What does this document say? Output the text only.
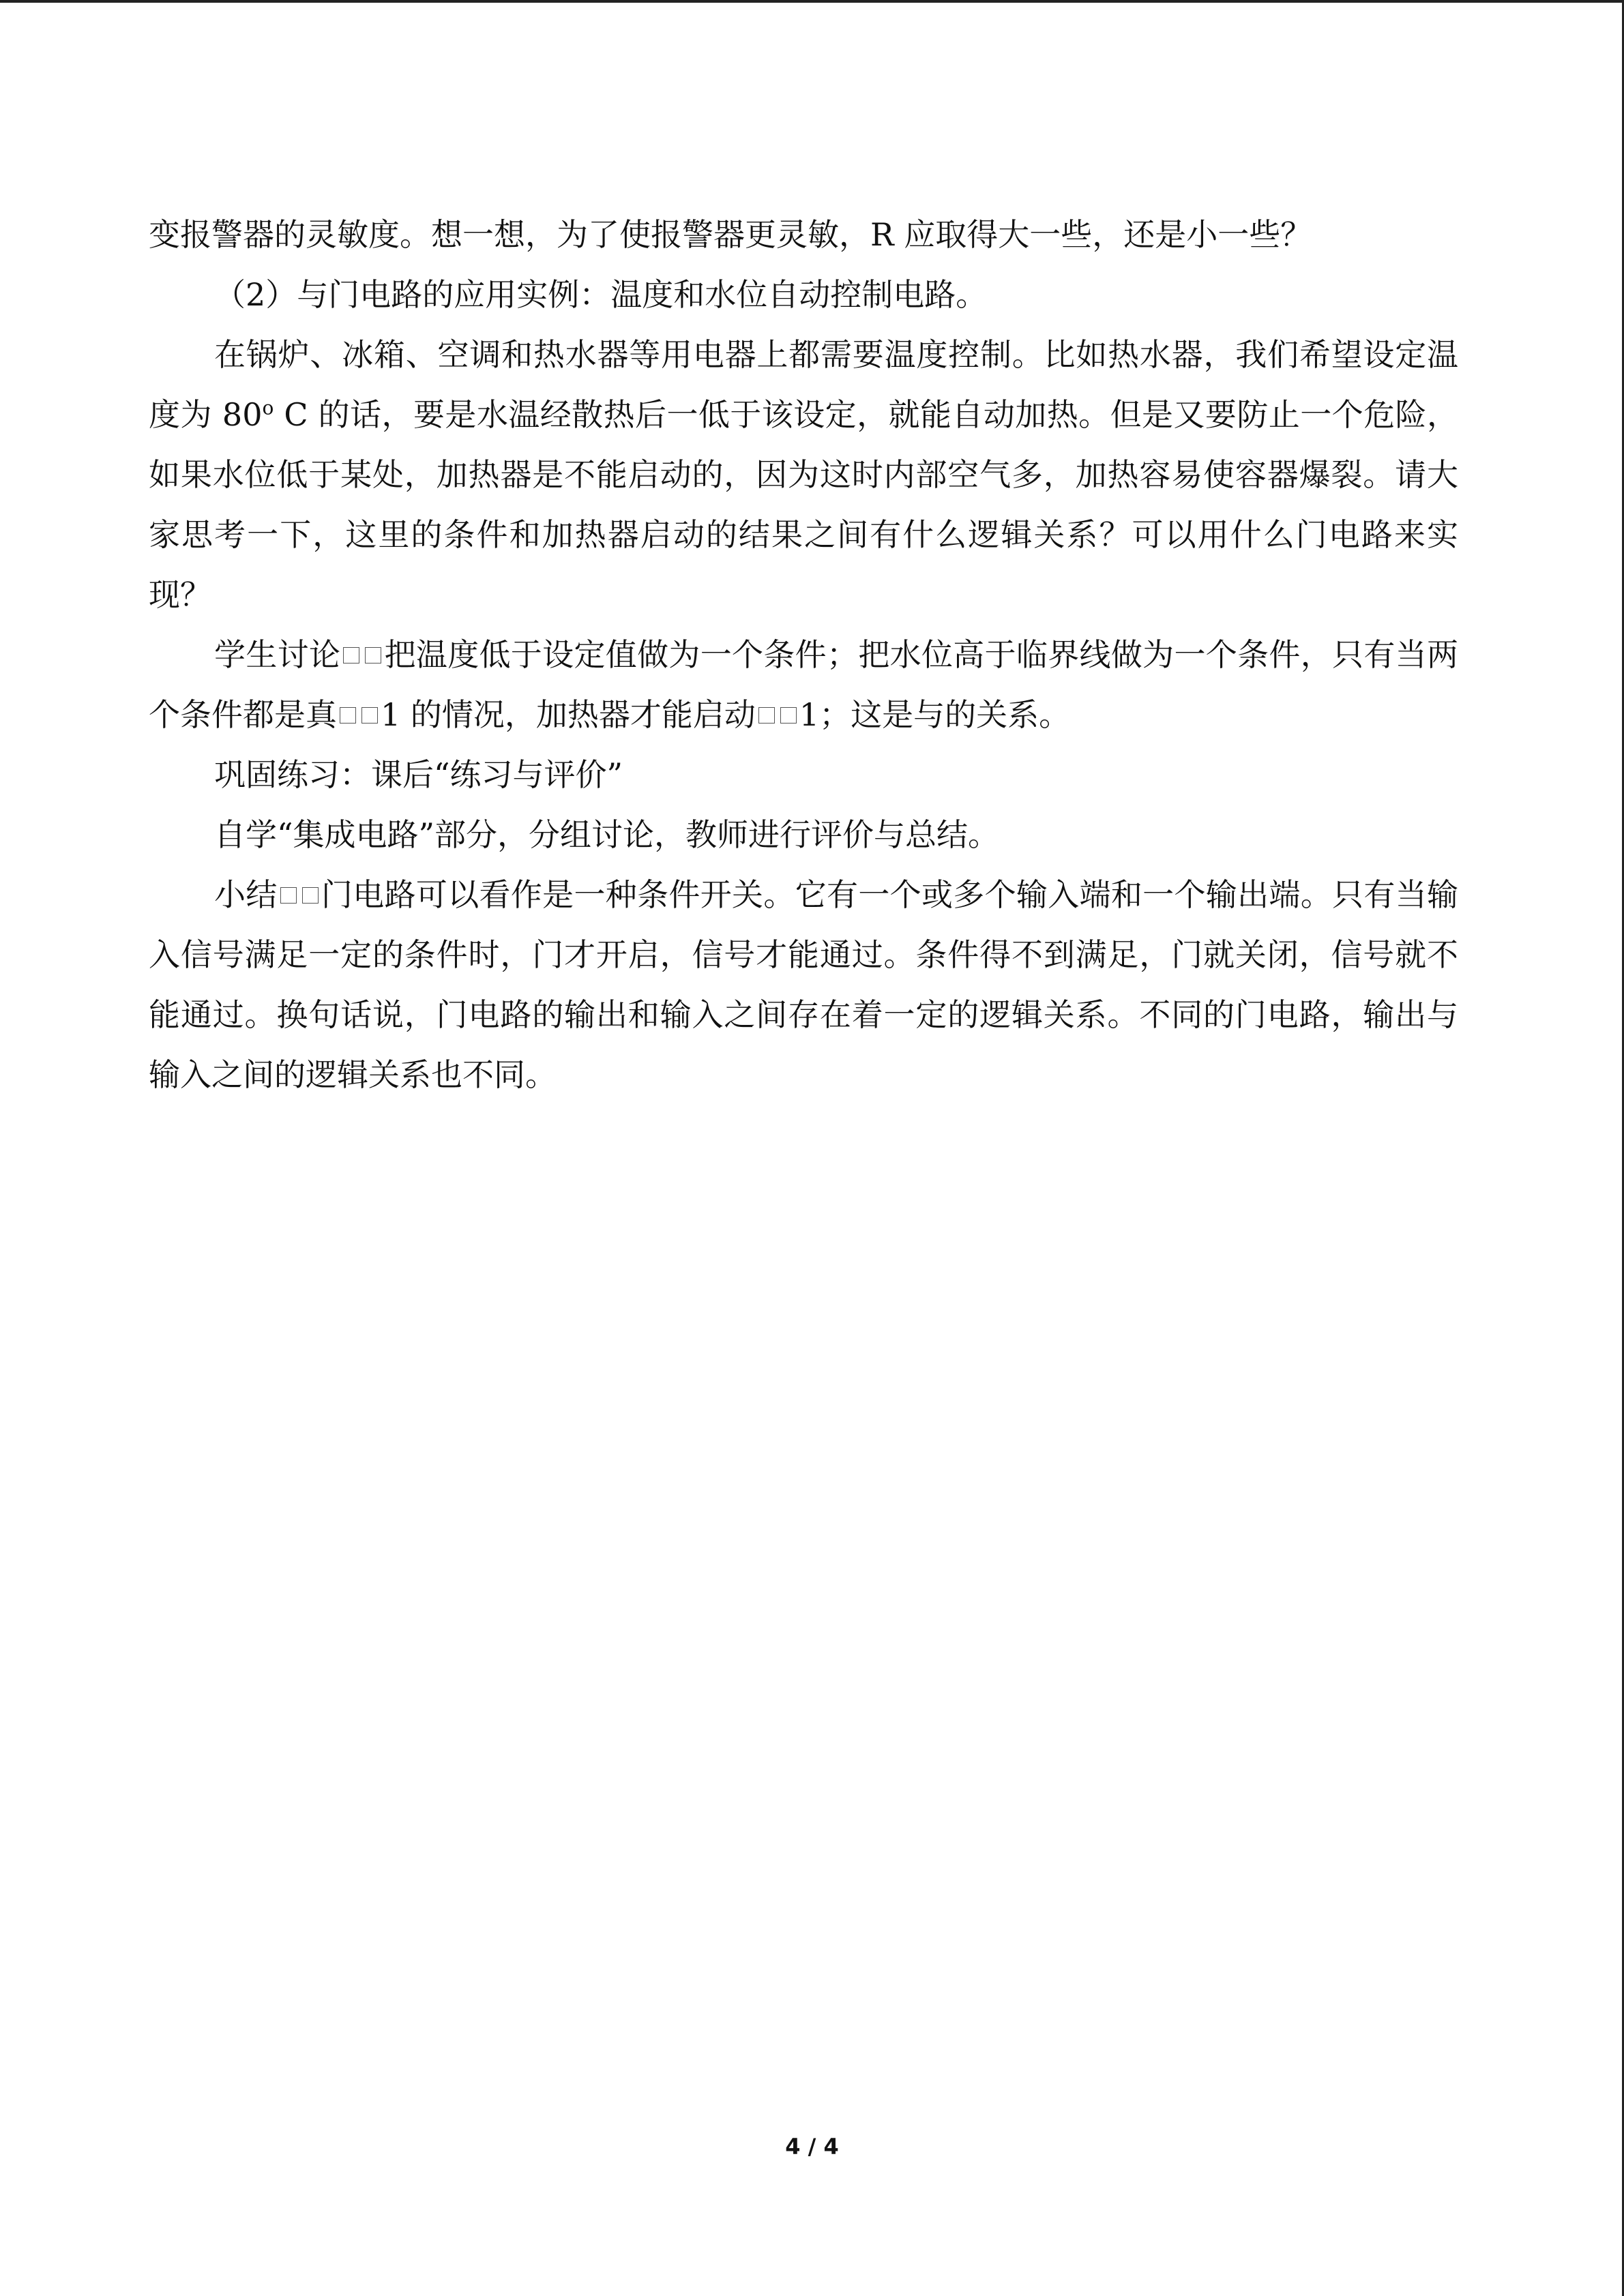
变报警器的灵敏度。想一想，为了使报警器更灵敏，R 应取得大一些，还是小一些？

（2）与门电路的应用实例：温度和水位自动控制电路。

在锅炉、冰箱、空调和热水器等用电器上都需要温度控制。比如热水器，我们希望设定温度为 80$^o$ C 的话，要是水温经散热后一低于该设定，就能自动加热。但是又要防止一个危险，如果水位低于某处，加热器是不能启动的，因为这时内部空气多，加热容易使容器爆裂。请大家思考一下，这里的条件和加热器启动的结果之间有什么逻辑关系？可以用什么门电路来实现？

学生讨论 把温度低于设定值做为一个条件；把水位高于临界线做为一个条件，只有当两个条件都是真 1 的情况，加热器才能启动 1；这是与的关系。

巩固练习：课后“练习与评价”

自学“集成电路”部分，分组讨论，教师进行评价与总结。

小结 门电路可以看作是一种条件开关。它有一个或多个输入端和一个输出端。只有当输入信号满足一定的条件时，门才开启，信号才能通过。条件得不到满足，门就关闭，信号就不能通过。换句话说，门电路的输出和输入之间存在着一定的逻辑关系。不同的门电路，输出与输入之间的逻辑关系也不同。

4 / 4
